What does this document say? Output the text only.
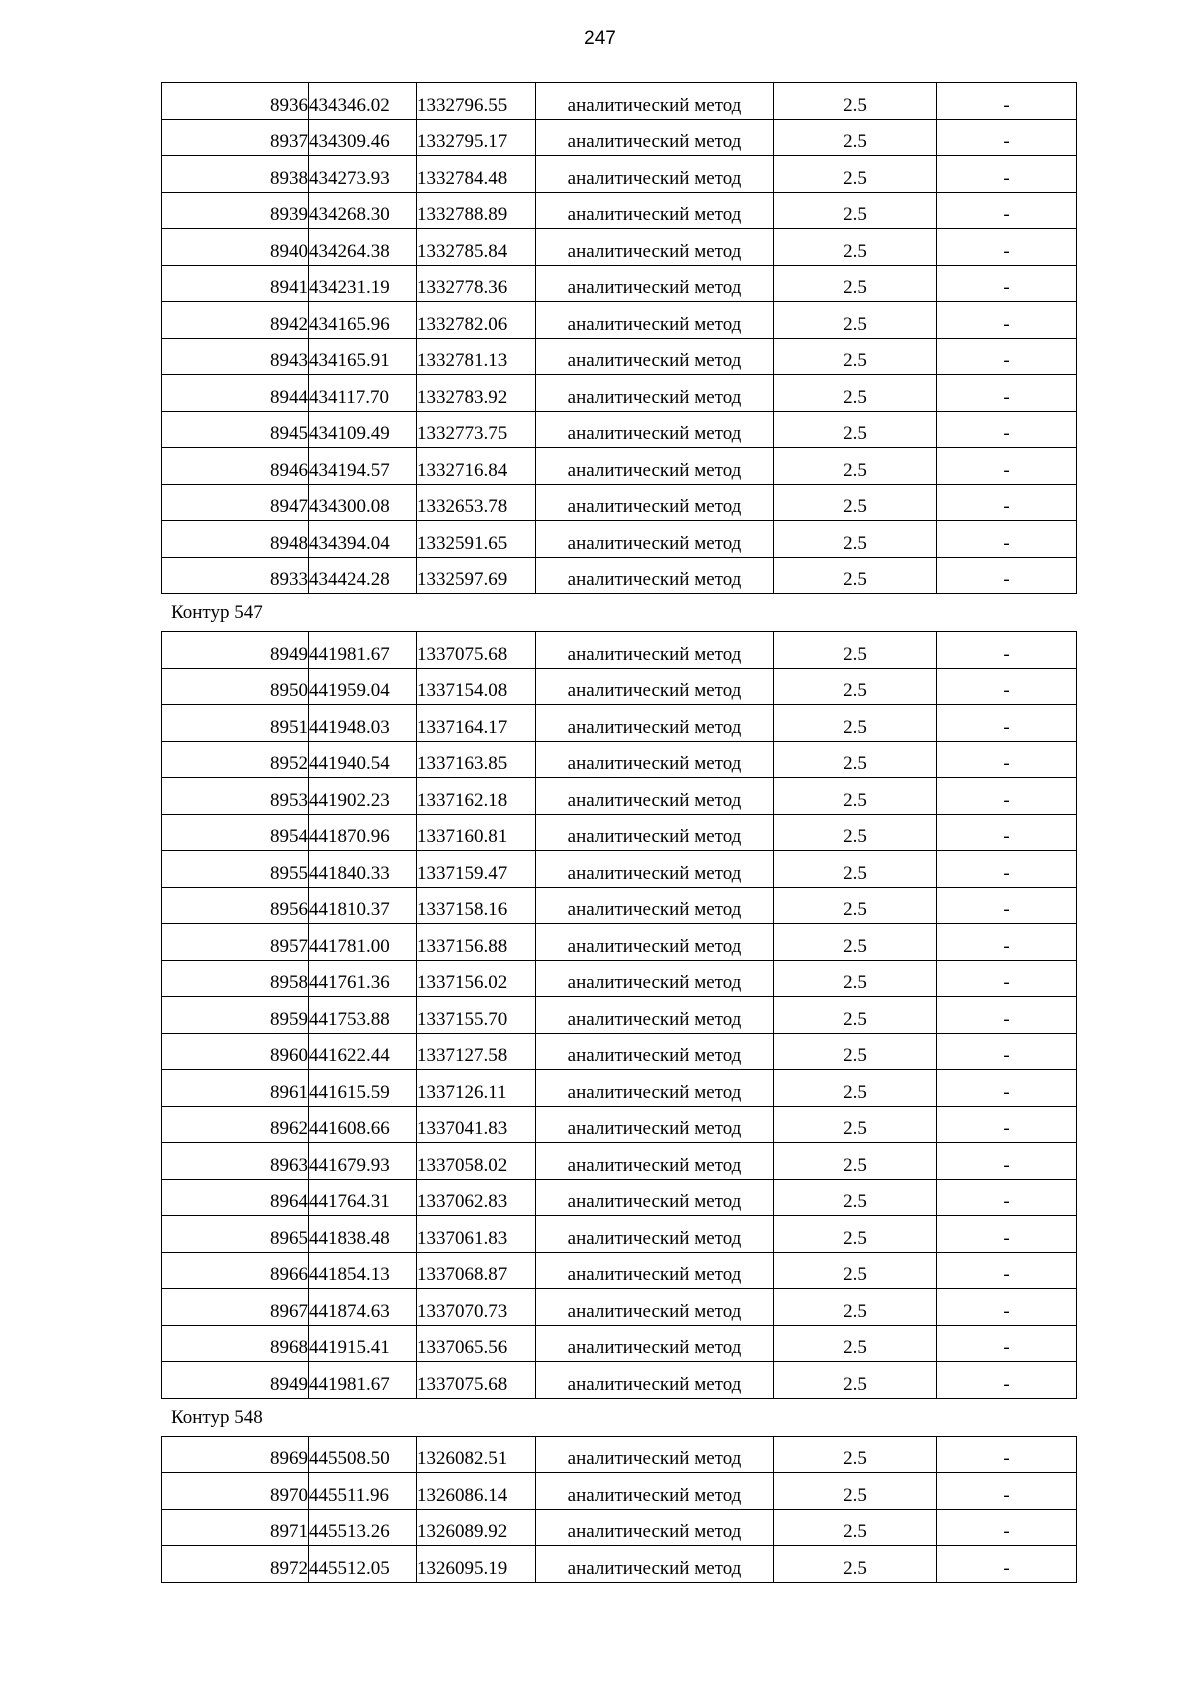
247
8936	434346.02	1332796.55	аналитический метод	2.5	-
8937	434309.46	1332795.17	аналитический метод	2.5	-
8938	434273.93	1332784.48	аналитический метод	2.5	-
8939	434268.30	1332788.89	аналитический метод	2.5	-
8940	434264.38	1332785.84	аналитический метод	2.5	-
8941	434231.19	1332778.36	аналитический метод	2.5	-
8942	434165.96	1332782.06	аналитический метод	2.5	-
8943	434165.91	1332781.13	аналитический метод	2.5	-
8944	434117.70	1332783.92	аналитический метод	2.5	-
8945	434109.49	1332773.75	аналитический метод	2.5	-
8946	434194.57	1332716.84	аналитический метод	2.5	-
8947	434300.08	1332653.78	аналитический метод	2.5	-
8948	434394.04	1332591.65	аналитический метод	2.5	-
8933	434424.28	1332597.69	аналитический метод	2.5	-
Контур 547
8949	441981.67	1337075.68	аналитический метод	2.5	-
8950	441959.04	1337154.08	аналитический метод	2.5	-
8951	441948.03	1337164.17	аналитический метод	2.5	-
8952	441940.54	1337163.85	аналитический метод	2.5	-
8953	441902.23	1337162.18	аналитический метод	2.5	-
8954	441870.96	1337160.81	аналитический метод	2.5	-
8955	441840.33	1337159.47	аналитический метод	2.5	-
8956	441810.37	1337158.16	аналитический метод	2.5	-
8957	441781.00	1337156.88	аналитический метод	2.5	-
8958	441761.36	1337156.02	аналитический метод	2.5	-
8959	441753.88	1337155.70	аналитический метод	2.5	-
8960	441622.44	1337127.58	аналитический метод	2.5	-
8961	441615.59	1337126.11	аналитический метод	2.5	-
8962	441608.66	1337041.83	аналитический метод	2.5	-
8963	441679.93	1337058.02	аналитический метод	2.5	-
8964	441764.31	1337062.83	аналитический метод	2.5	-
8965	441838.48	1337061.83	аналитический метод	2.5	-
8966	441854.13	1337068.87	аналитический метод	2.5	-
8967	441874.63	1337070.73	аналитический метод	2.5	-
8968	441915.41	1337065.56	аналитический метод	2.5	-
8949	441981.67	1337075.68	аналитический метод	2.5	-
Контур 548
8969	445508.50	1326082.51	аналитический метод	2.5	-
8970	445511.96	1326086.14	аналитический метод	2.5	-
8971	445513.26	1326089.92	аналитический метод	2.5	-
8972	445512.05	1326095.19	аналитический метод	2.5	-
